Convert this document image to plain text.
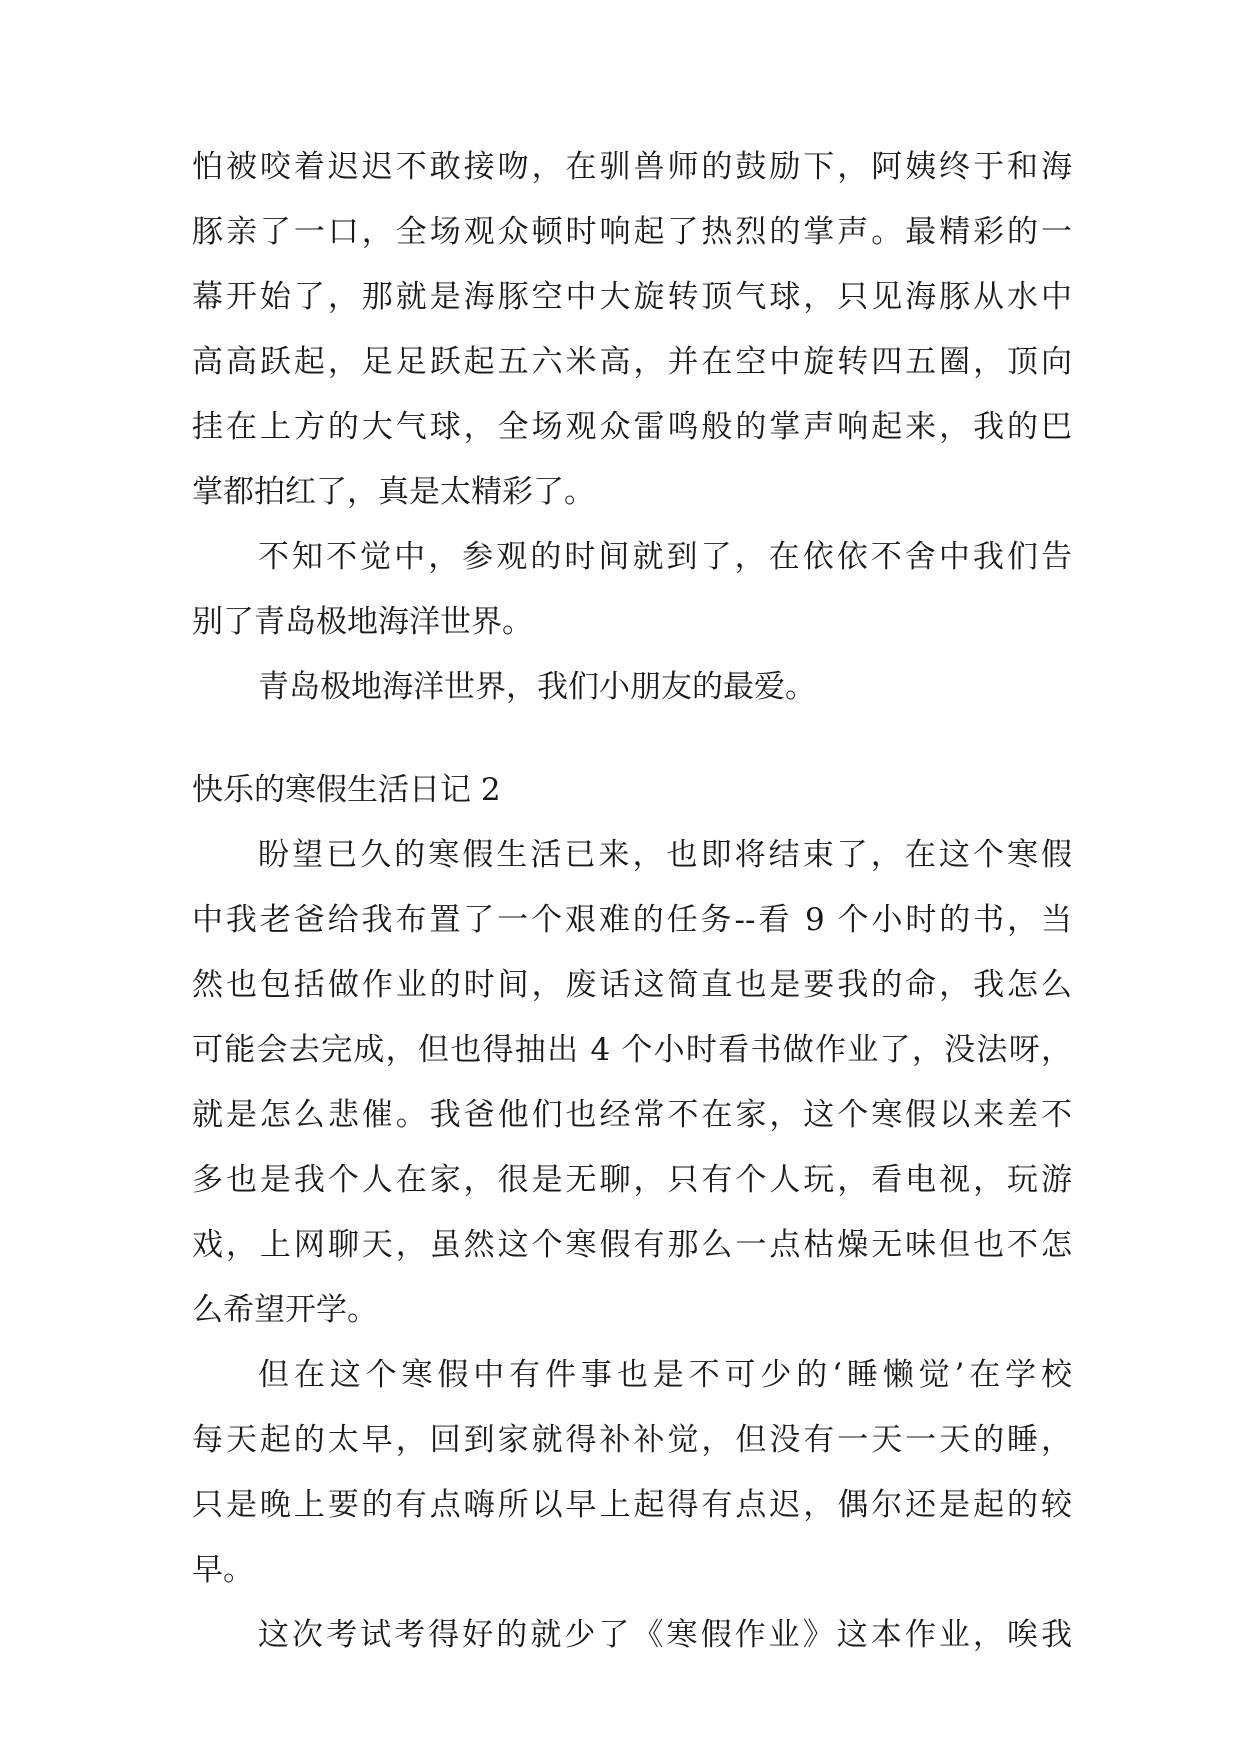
怕被咬着迟迟不敢接吻，在驯兽师的鼓励下，阿姨终于和海
豚亲了一口，全场观众顿时响起了热烈的掌声。最精彩的一
幕开始了，那就是海豚空中大旋转顶气球，只见海豚从水中
高高跃起，足足跃起五六米高，并在空中旋转四五圈，顶向
挂在上方的大气球，全场观众雷鸣般的掌声响起来，我的巴
掌都拍红了，真是太精彩了。
不知不觉中，参观的时间就到了，在依依不舍中我们告
别了青岛极地海洋世界。
青岛极地海洋世界，我们小朋友的最爱。
快乐的寒假生活日记 2
盼望已久的寒假生活已来，也即将结束了，在这个寒假
中我老爸给我布置了一个艰难的任务--看 9 个小时的书，当
然也包括做作业的时间，废话这简直也是要我的命，我怎么
可能会去完成，但也得抽出 4 个小时看书做作业了，没法呀，
就是怎么悲催。我爸他们也经常不在家，这个寒假以来差不
多也是我个人在家，很是无聊，只有个人玩，看电视，玩游
戏，上网聊天，虽然这个寒假有那么一点枯燥无味但也不怎
么希望开学。
但在这个寒假中有件事也是不可少的‘睡懒觉’在学校
每天起的太早，回到家就得补补觉，但没有一天一天的睡，
只是晚上要的有点嗨所以早上起得有点迟，偶尔还是起的较
早。
这次考试考得好的就少了《寒假作业》这本作业，唉我
